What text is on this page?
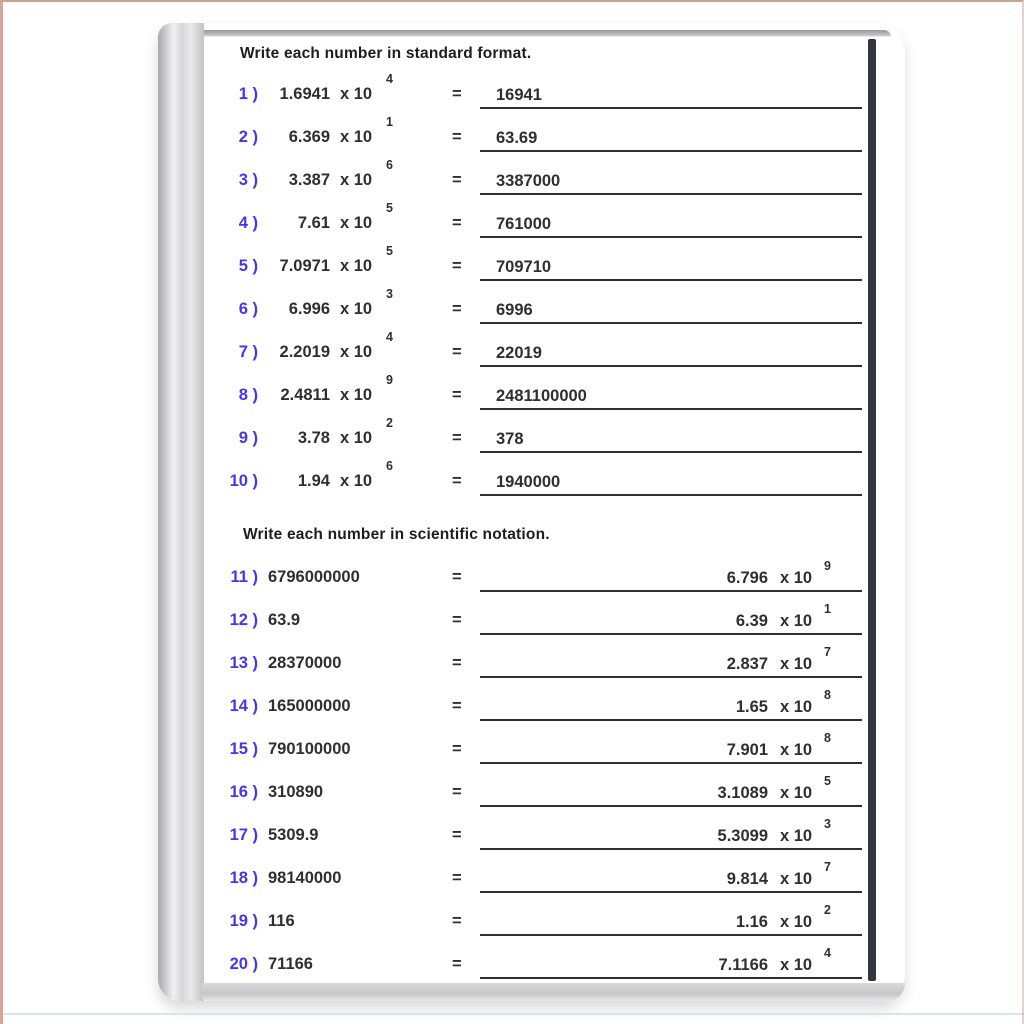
Write each number in standard format.
1 )	1.6941 x 10
4
= 16941
2 )	6.369 x 10
1
= 63.69
3 )	3.387 x 10
6
= 3387000
4 )	7.61 x 10
5
= 761000
5 )	7.0971 x 10
5
= 709710
6 )	6.996 x 10
3
= 6996
7 )	2.2019 x 10
4
= 22019
8 )	2.4811 x 10
9
= 2481100000
9 )	3.78 x 10
2
= 378
10 )	1.94 x 10
6
= 1940000
Write each number in scientific notation.
11 ) 6796000000	=	6.796 x 10
9
12 ) 63.9	=	6.39 x 10
1
13 ) 28370000	=	2.837 x 10
7
14 ) 165000000	=	1.65 x 10
8
15 ) 790100000	=	7.901 x 10
8
16 ) 310890	=	3.1089 x 10
5
17 ) 5309.9	=	5.3099 x 10
3
18 ) 98140000	=	9.814 x 10
7
19 ) 116	=	1.16 x 10
2
20 ) 71166	=	7.1166 x 10
4
